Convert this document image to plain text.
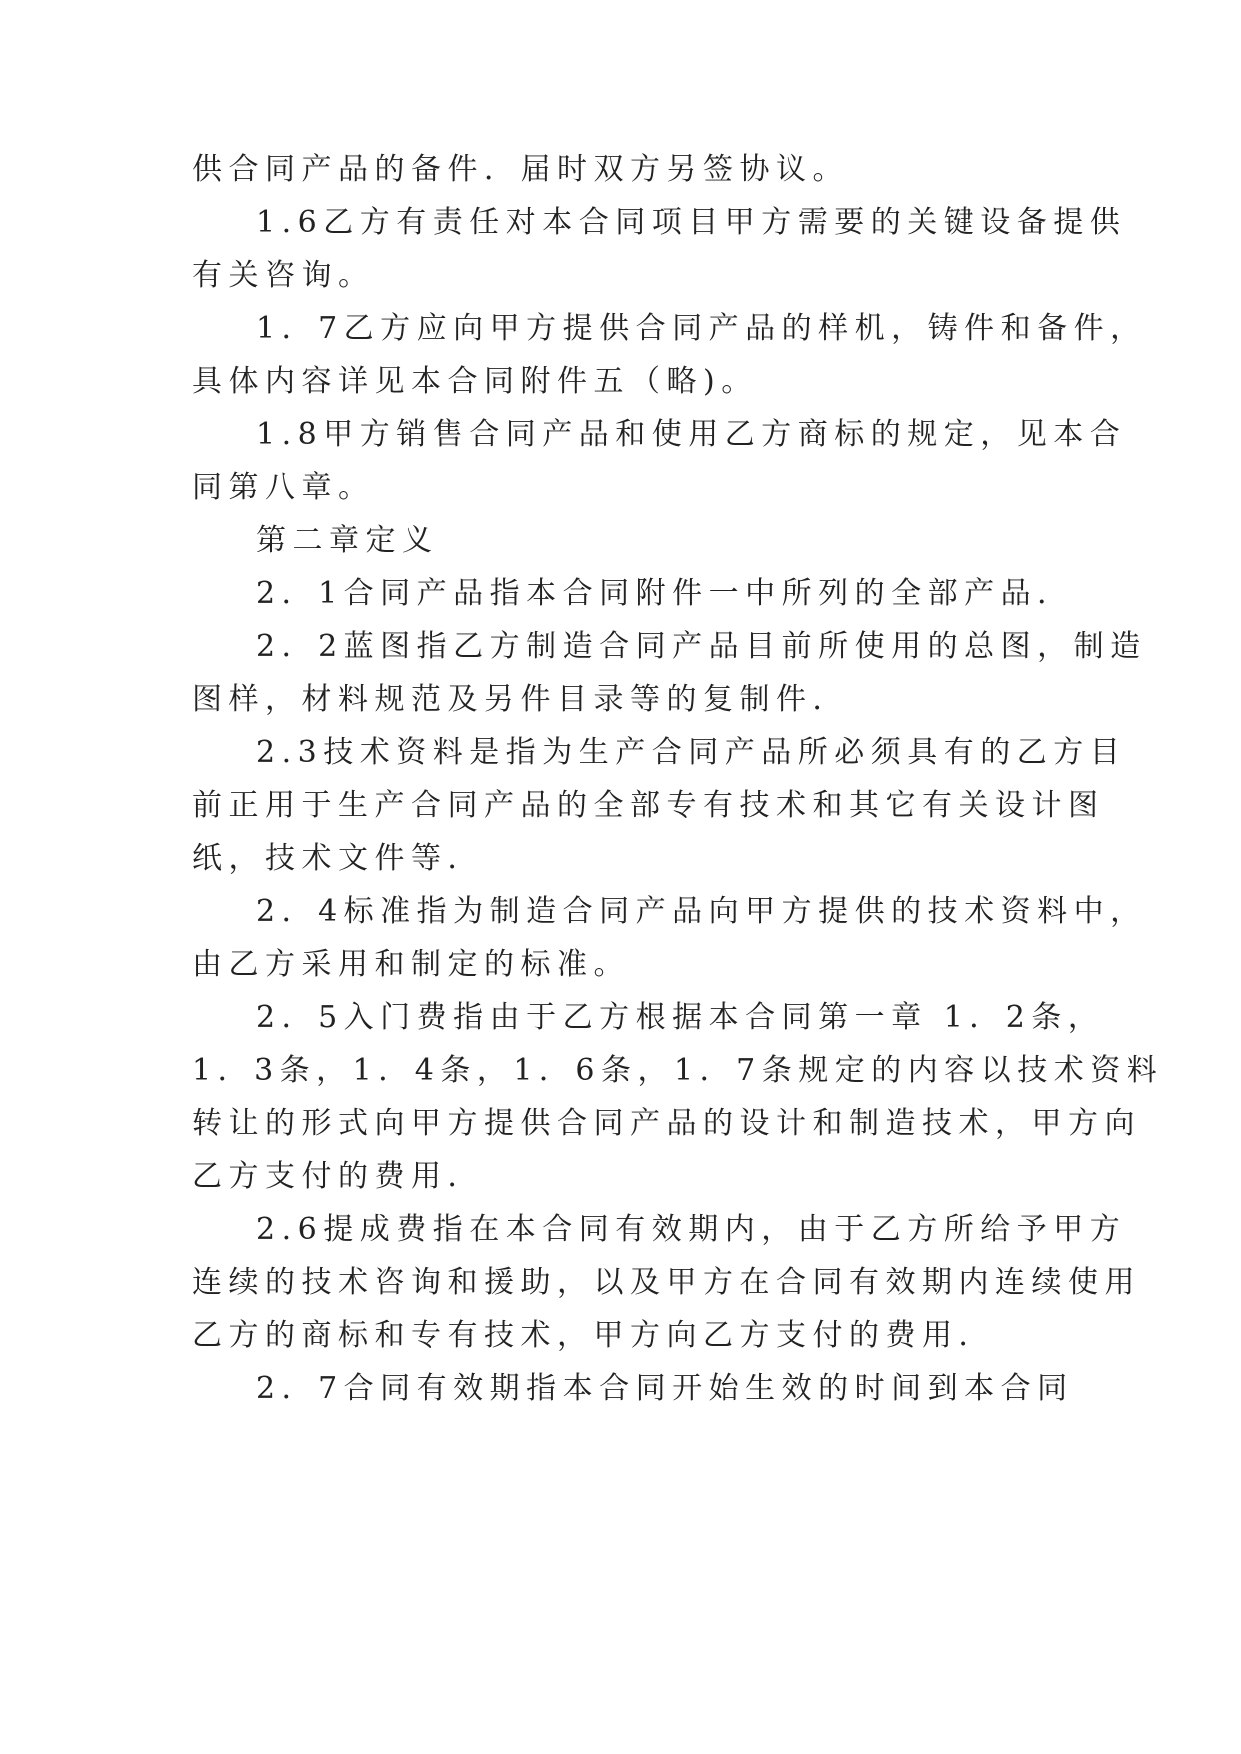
供合同产品的备件．届时双方另签协议。
1.6乙方有责任对本合同项目甲方需要的关键设备提供
有关咨询。
1．7乙方应向甲方提供合同产品的样机，铸件和备件，
具体内容详见本合同附件五（略)。
1.8甲方销售合同产品和使用乙方商标的规定，见本合
同第八章。
第二章定义
2．1合同产品指本合同附件一中所列的全部产品．
2．2蓝图指乙方制造合同产品目前所使用的总图，制造
图样，材料规范及另件目录等的复制件．
2.3技术资料是指为生产合同产品所必须具有的乙方目
前正用于生产合同产品的全部专有技术和其它有关设计图
纸，技术文件等．
2．4标准指为制造合同产品向甲方提供的技术资料中，
由乙方采用和制定的标准。
2．5入门费指由于乙方根据本合同第一章 1．2条，
1．3条，1．4条，1．6条，1．7条规定的内容以技术资料
转让的形式向甲方提供合同产品的设计和制造技术，甲方向
乙方支付的费用．
2.6提成费指在本合同有效期内，由于乙方所给予甲方
连续的技术咨询和援助，以及甲方在合同有效期内连续使用
乙方的商标和专有技术，甲方向乙方支付的费用．
2．7合同有效期指本合同开始生效的时间到本合同
